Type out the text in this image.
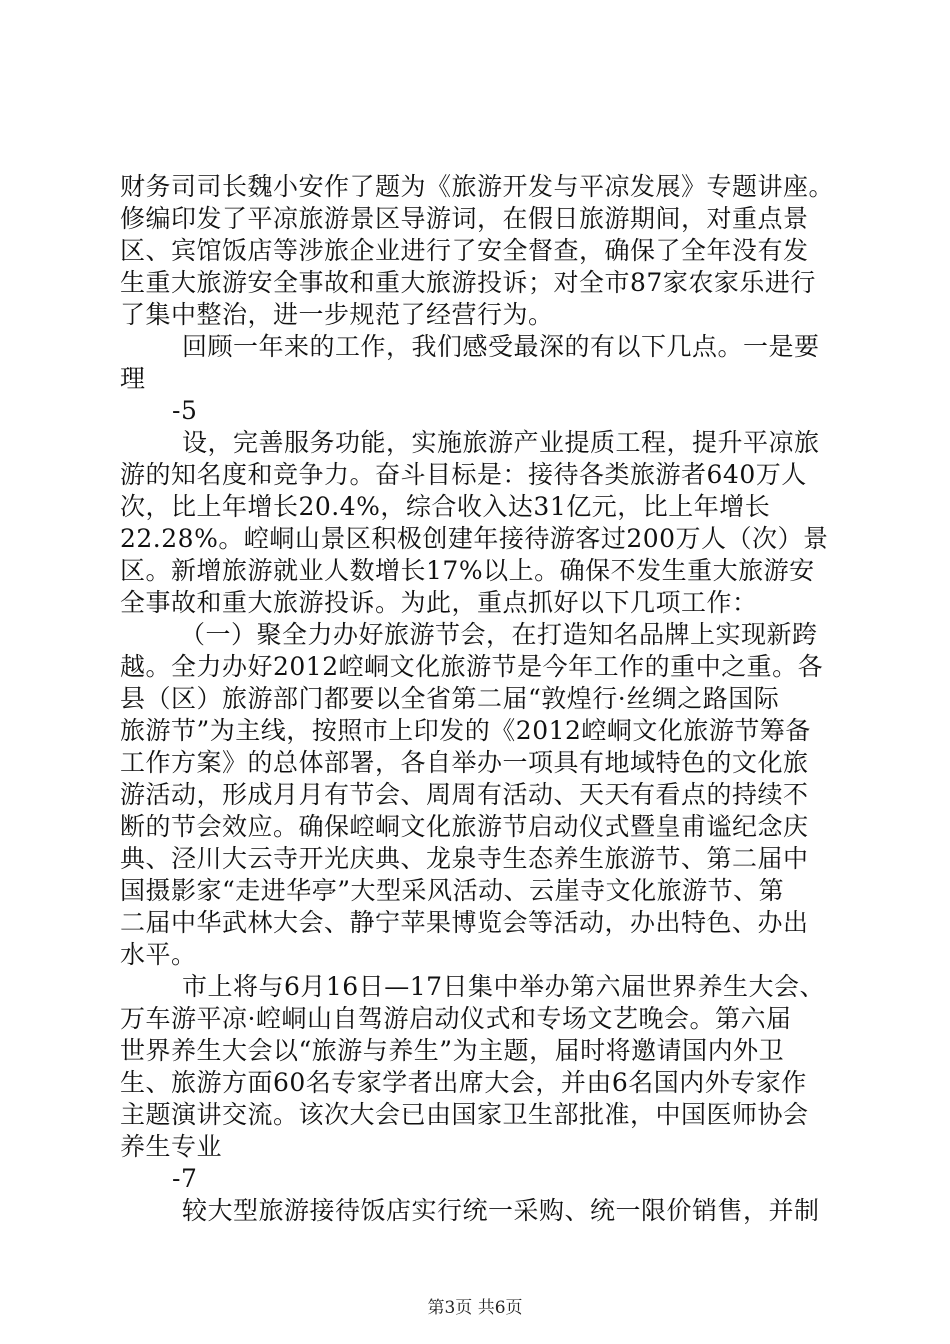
财务司司长魏小安作了题为《旅游开发与平凉发展》专题讲座。
修编印发了平凉旅游景区导游词，在假日旅游期间，对重点景
区、宾馆饭店等涉旅企业进行了安全督查，确保了全年没有发
生重大旅游安全事故和重大旅游投诉；对全市87家农家乐进行
了集中整治，进一步规范了经营行为。
回顾一年来的工作，我们感受最深的有以下几点。一是要
理
-5
设，完善服务功能，实施旅游产业提质工程，提升平凉旅
游的知名度和竞争力。奋斗目标是：接待各类旅游者640万人
次，比上年增长20.4%，综合收入达31亿元，比上年增长
22.28%。崆峒山景区积极创建年接待游客过200万人（次）景
区。新增旅游就业人数增长17%以上。确保不发生重大旅游安
全事故和重大旅游投诉。为此，重点抓好以下几项工作：
（一）聚全力办好旅游节会，在打造知名品牌上实现新跨
越。全力办好2012崆峒文化旅游节是今年工作的重中之重。各
县（区）旅游部门都要以全省第二届“敦煌行·丝绸之路国际
旅游节”为主线，按照市上印发的《2012崆峒文化旅游节筹备
工作方案》的总体部署，各自举办一项具有地域特色的文化旅
游活动，形成月月有节会、周周有活动、天天有看点的持续不
断的节会效应。确保崆峒文化旅游节启动仪式暨皇甫谧纪念庆
典、泾川大云寺开光庆典、龙泉寺生态养生旅游节、第二届中
国摄影家“走进华亭”大型采风活动、云崖寺文化旅游节、第
二届中华武林大会、静宁苹果博览会等活动，办出特色、办出
水平。
市上将与6月16日—17日集中举办第六届世界养生大会、
万车游平凉·崆峒山自驾游启动仪式和专场文艺晚会。第六届
世界养生大会以“旅游与养生”为主题，届时将邀请国内外卫
生、旅游方面60名专家学者出席大会，并由6名国内外专家作
主题演讲交流。该次大会已由国家卫生部批准，中国医师协会
养生专业
-7
较大型旅游接待饭店实行统一采购、统一限价销售，并制
第3页 共6页
